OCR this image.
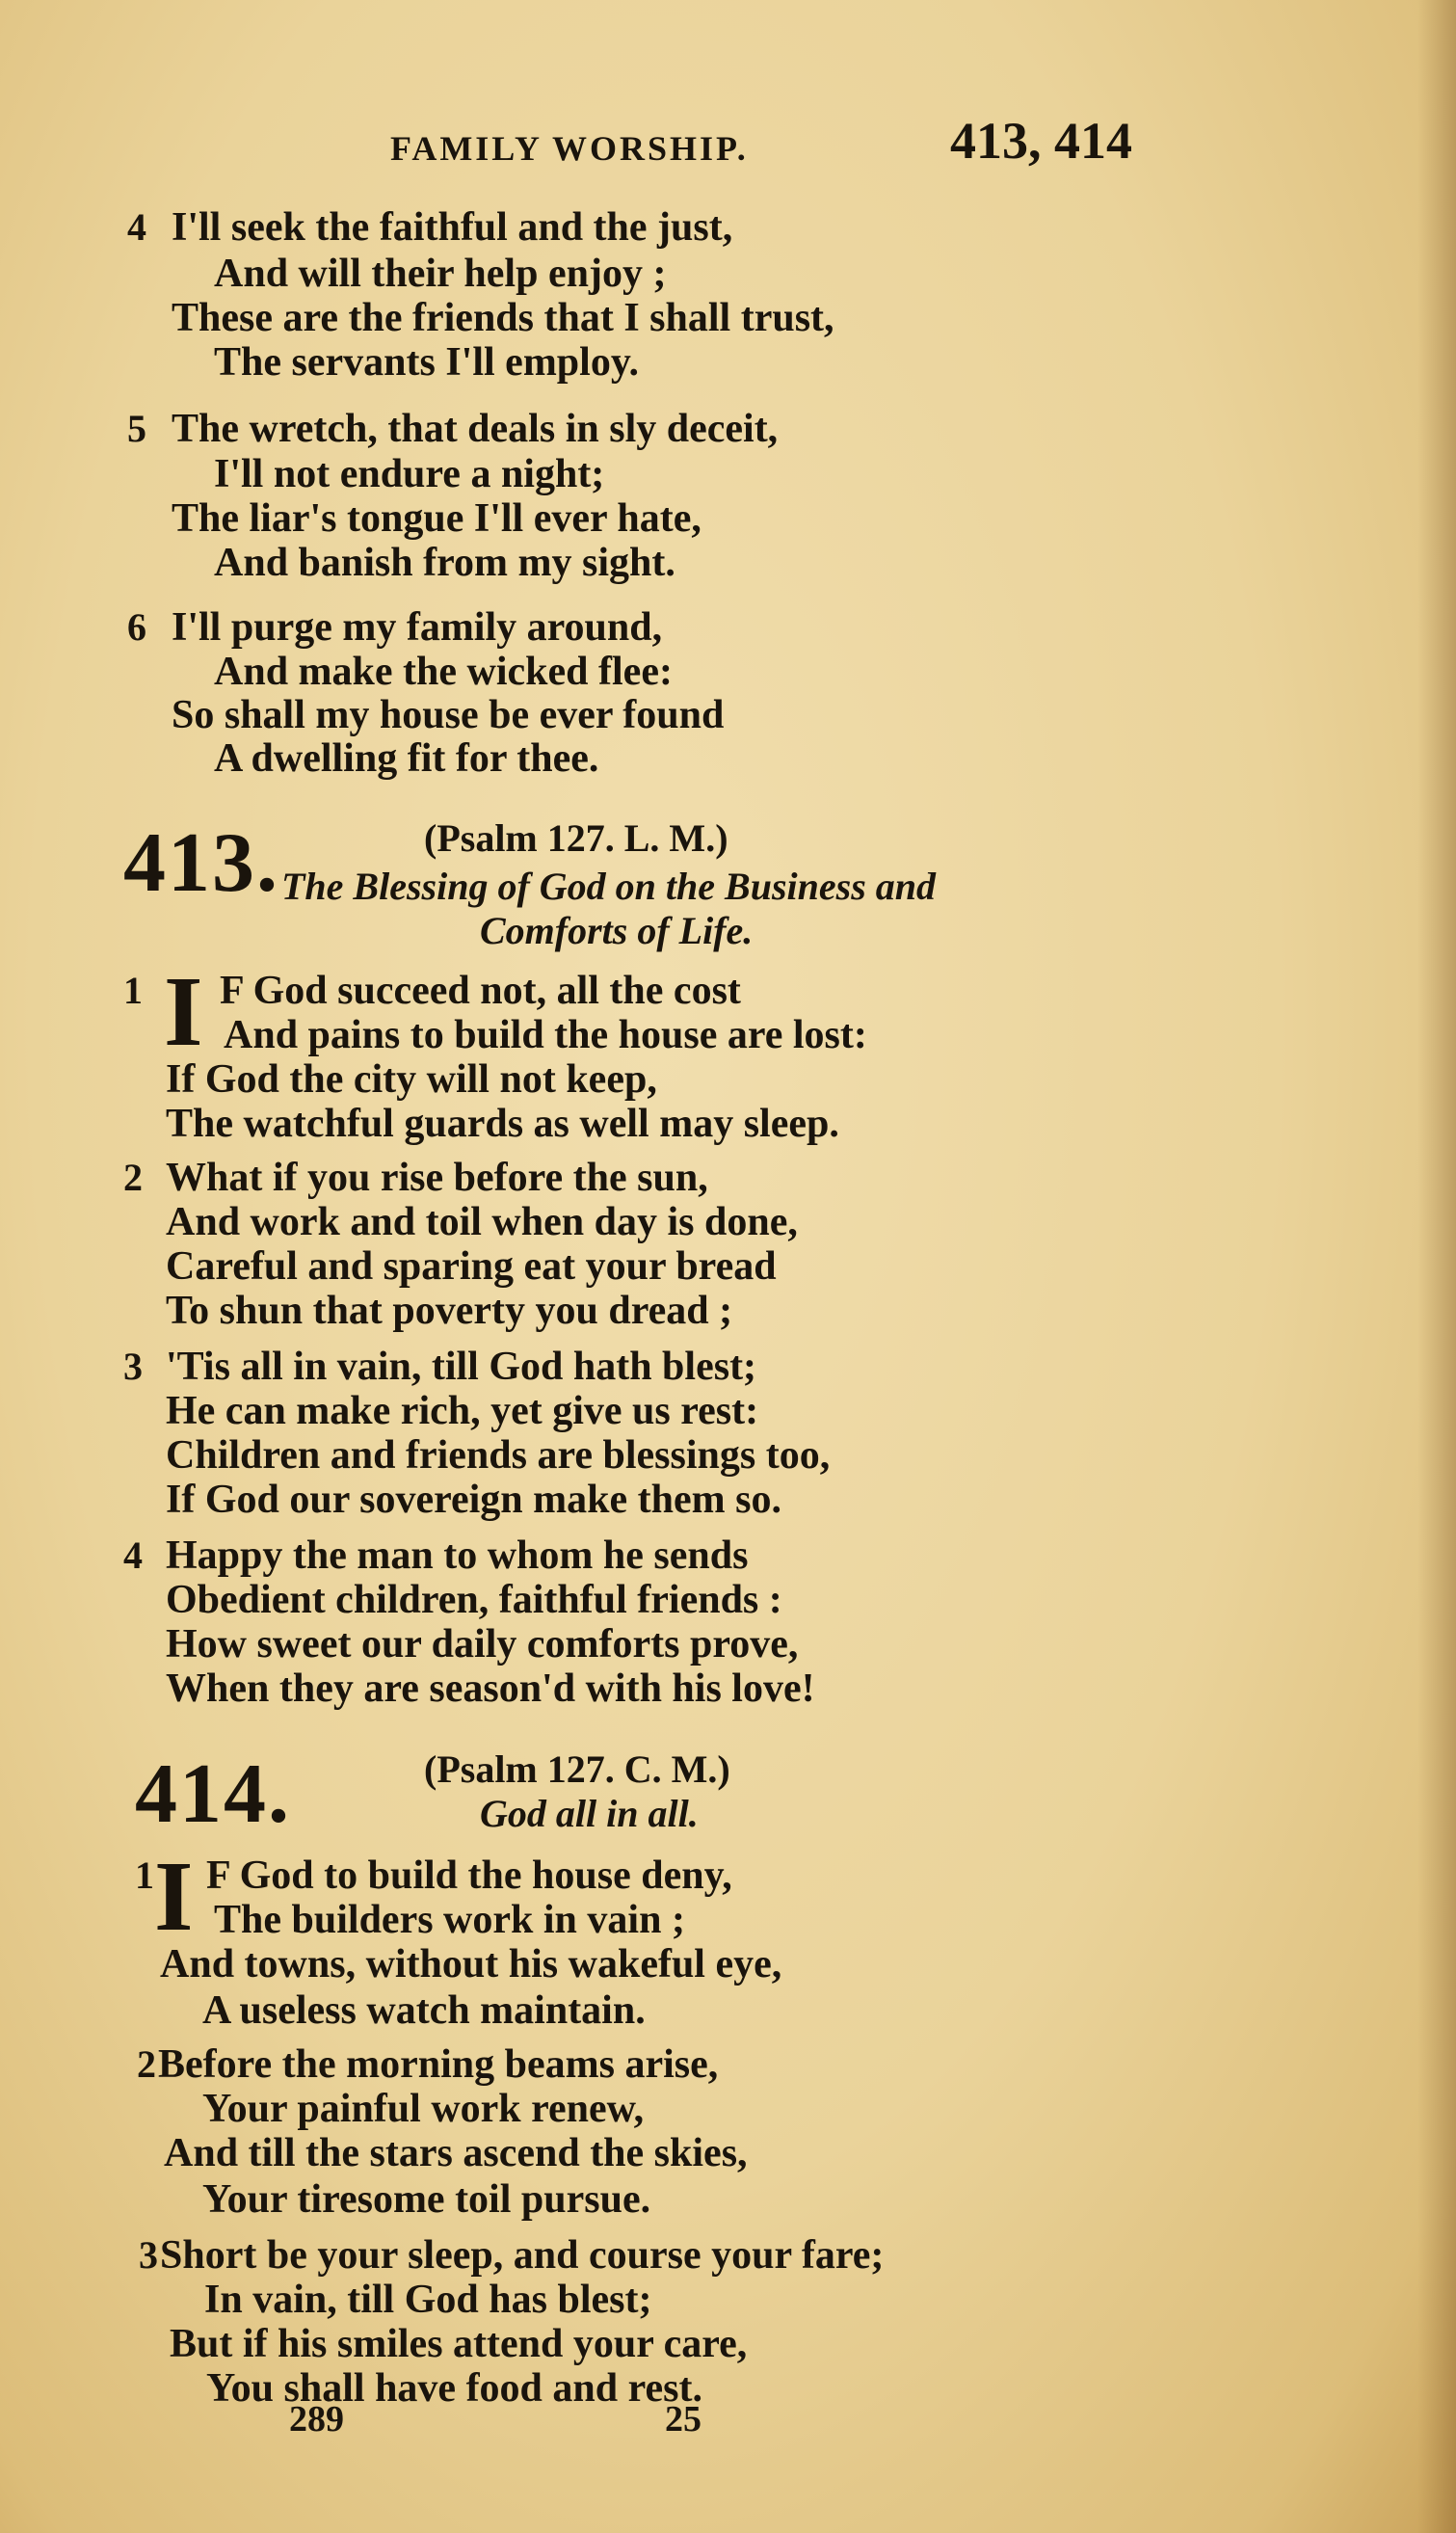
FAMILY WORSHIP.	413, 414
4 I'll seek the faithful and the just,
And will their help enjoy ;
These are the friends that I shall trust,
The servants I'll employ.
5 The wretch, that deals in sly deceit,
I'll not endure a night;
The liar's tongue I'll ever hate,
And banish from my sight.
6 I'll purge my family around,
And make the wicked flee:
So shall my house be ever found
A dwelling fit for thee.
413.	(Psalm 127. L. M.)
The Blessing of God on the Business and
Comforts of Life.
1 I F God succeed not, all the cost
And pains to build the house are lost:
If God the city will not keep,
The watchful guards as well may sleep.
2 What if you rise before the sun,
And work and toil when day is done,
Careful and sparing eat your bread
To shun that poverty you dread ;
3 'Tis all in vain, till God hath blest;
He can make rich, yet give us rest:
Children and friends are blessings too,
If God our sovereign make them so.
4 Happy the man to whom he sends
Obedient children, faithful friends :
How sweet our daily comforts prove,
When they are season'd with his love!
414.	(Psalm 127. C. M.)
God all in all.
1 I F God to build the house deny,
The builders work in vain ;
And towns, without his wakeful eye,
A useless watch maintain.
2 Before the morning beams arise,
Your painful work renew,
And till the stars ascend the skies,
Your tiresome toil pursue.
3 Short be your sleep, and course your fare;
In vain, till God has blest;
But if his smiles attend your care,
You shall have food and rest.
289	25
